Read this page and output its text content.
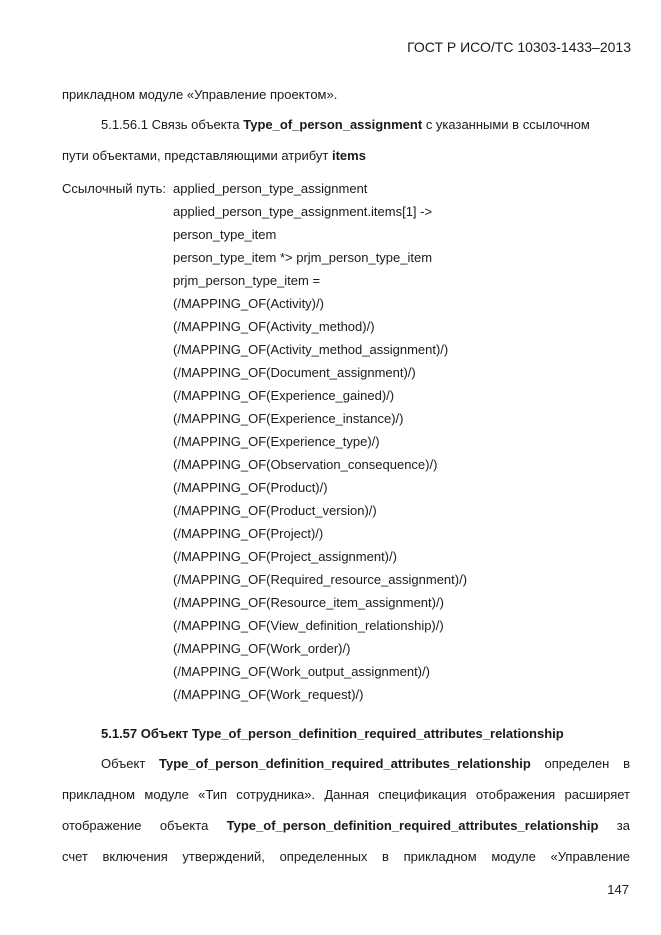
ГОСТ Р ИСО/ТС 10303-1433–2013
прикладном модуле «Управление проектом».
5.1.56.1 Связь объекта Type_of_person_assignment с указанными в ссылочном
пути объектами, представляющими атрибут items
Ссылочный путь: applied_person_type_assignment
applied_person_type_assignment.items[1] ->
person_type_item
person_type_item *> prjm_person_type_item
prjm_person_type_item =
(/MAPPING_OF(Activity)/)
(/MAPPING_OF(Activity_method)/)
(/MAPPING_OF(Activity_method_assignment)/)
(/MAPPING_OF(Document_assignment)/)
(/MAPPING_OF(Experience_gained)/)
(/MAPPING_OF(Experience_instance)/)
(/MAPPING_OF(Experience_type)/)
(/MAPPING_OF(Observation_consequence)/)
(/MAPPING_OF(Product)/)
(/MAPPING_OF(Product_version)/)
(/MAPPING_OF(Project)/)
(/MAPPING_OF(Project_assignment)/)
(/MAPPING_OF(Required_resource_assignment)/)
(/MAPPING_OF(Resource_item_assignment)/)
(/MAPPING_OF(View_definition_relationship)/)
(/MAPPING_OF(Work_order)/)
(/MAPPING_OF(Work_output_assignment)/)
(/MAPPING_OF(Work_request)/)
5.1.57 Объект Type_of_person_definition_required_attributes_relationship
Объект Type_of_person_definition_required_attributes_relationship определен в
прикладном модуле «Тип сотрудника». Данная спецификация отображения расширяет
отображение объекта Type_of_person_definition_required_attributes_relationship за
счет включения утверждений, определенных в прикладном модуле «Управление
147
